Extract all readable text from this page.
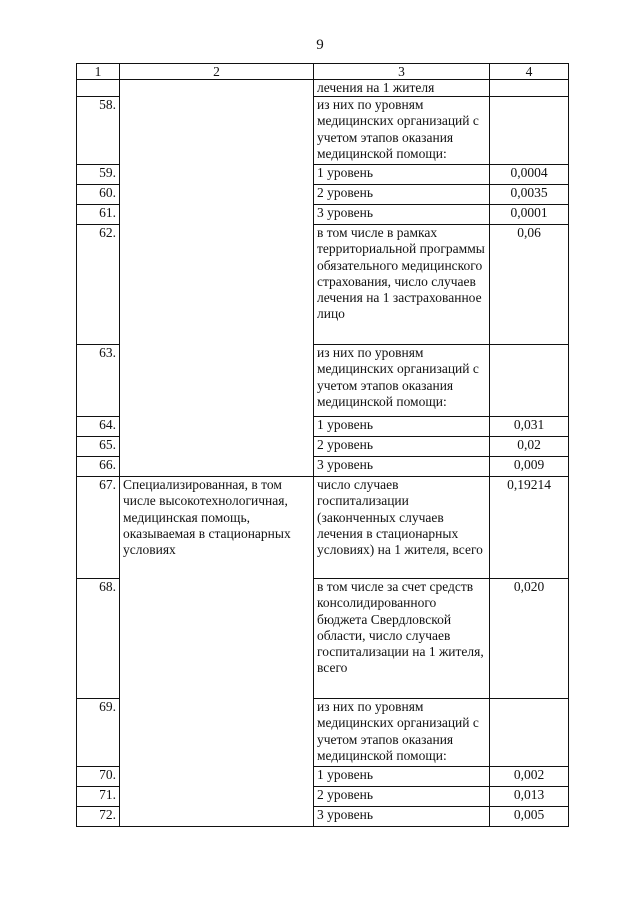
9
1	2	3	4
		лечения на 1 жителя	
58.		из них по уровням медицинских организаций с учетом этапов оказания медицинской помощи:	
59.		1 уровень	0,0004
60.		2 уровень	0,0035
61.		3 уровень	0,0001
62.		в том числе в рамках территориальной программы обязательного медицинского страхования, число случаев лечения на 1 застрахованное лицо	0,06
63.		из них по уровням медицинских организаций с учетом этапов оказания медицинской помощи:	
64.		1 уровень	0,031
65.		2 уровень	0,02
66.		3 уровень	0,009
67.	Специализированная, в том числе высокотехнологичная, медицинская помощь, оказываемая в стационарных условиях	число случаев госпитализации (законченных случаев лечения в стационарных условиях) на 1 жителя, всего	0,19214
68.		в том числе за счет средств консолидированного бюджета Свердловской области, число случаев госпитализации на 1 жителя, всего	0,020
69.		из них по уровням медицинских организаций с учетом этапов оказания медицинской помощи:	
70.		1 уровень	0,002
71.		2 уровень	0,013
72.		3 уровень	0,005
